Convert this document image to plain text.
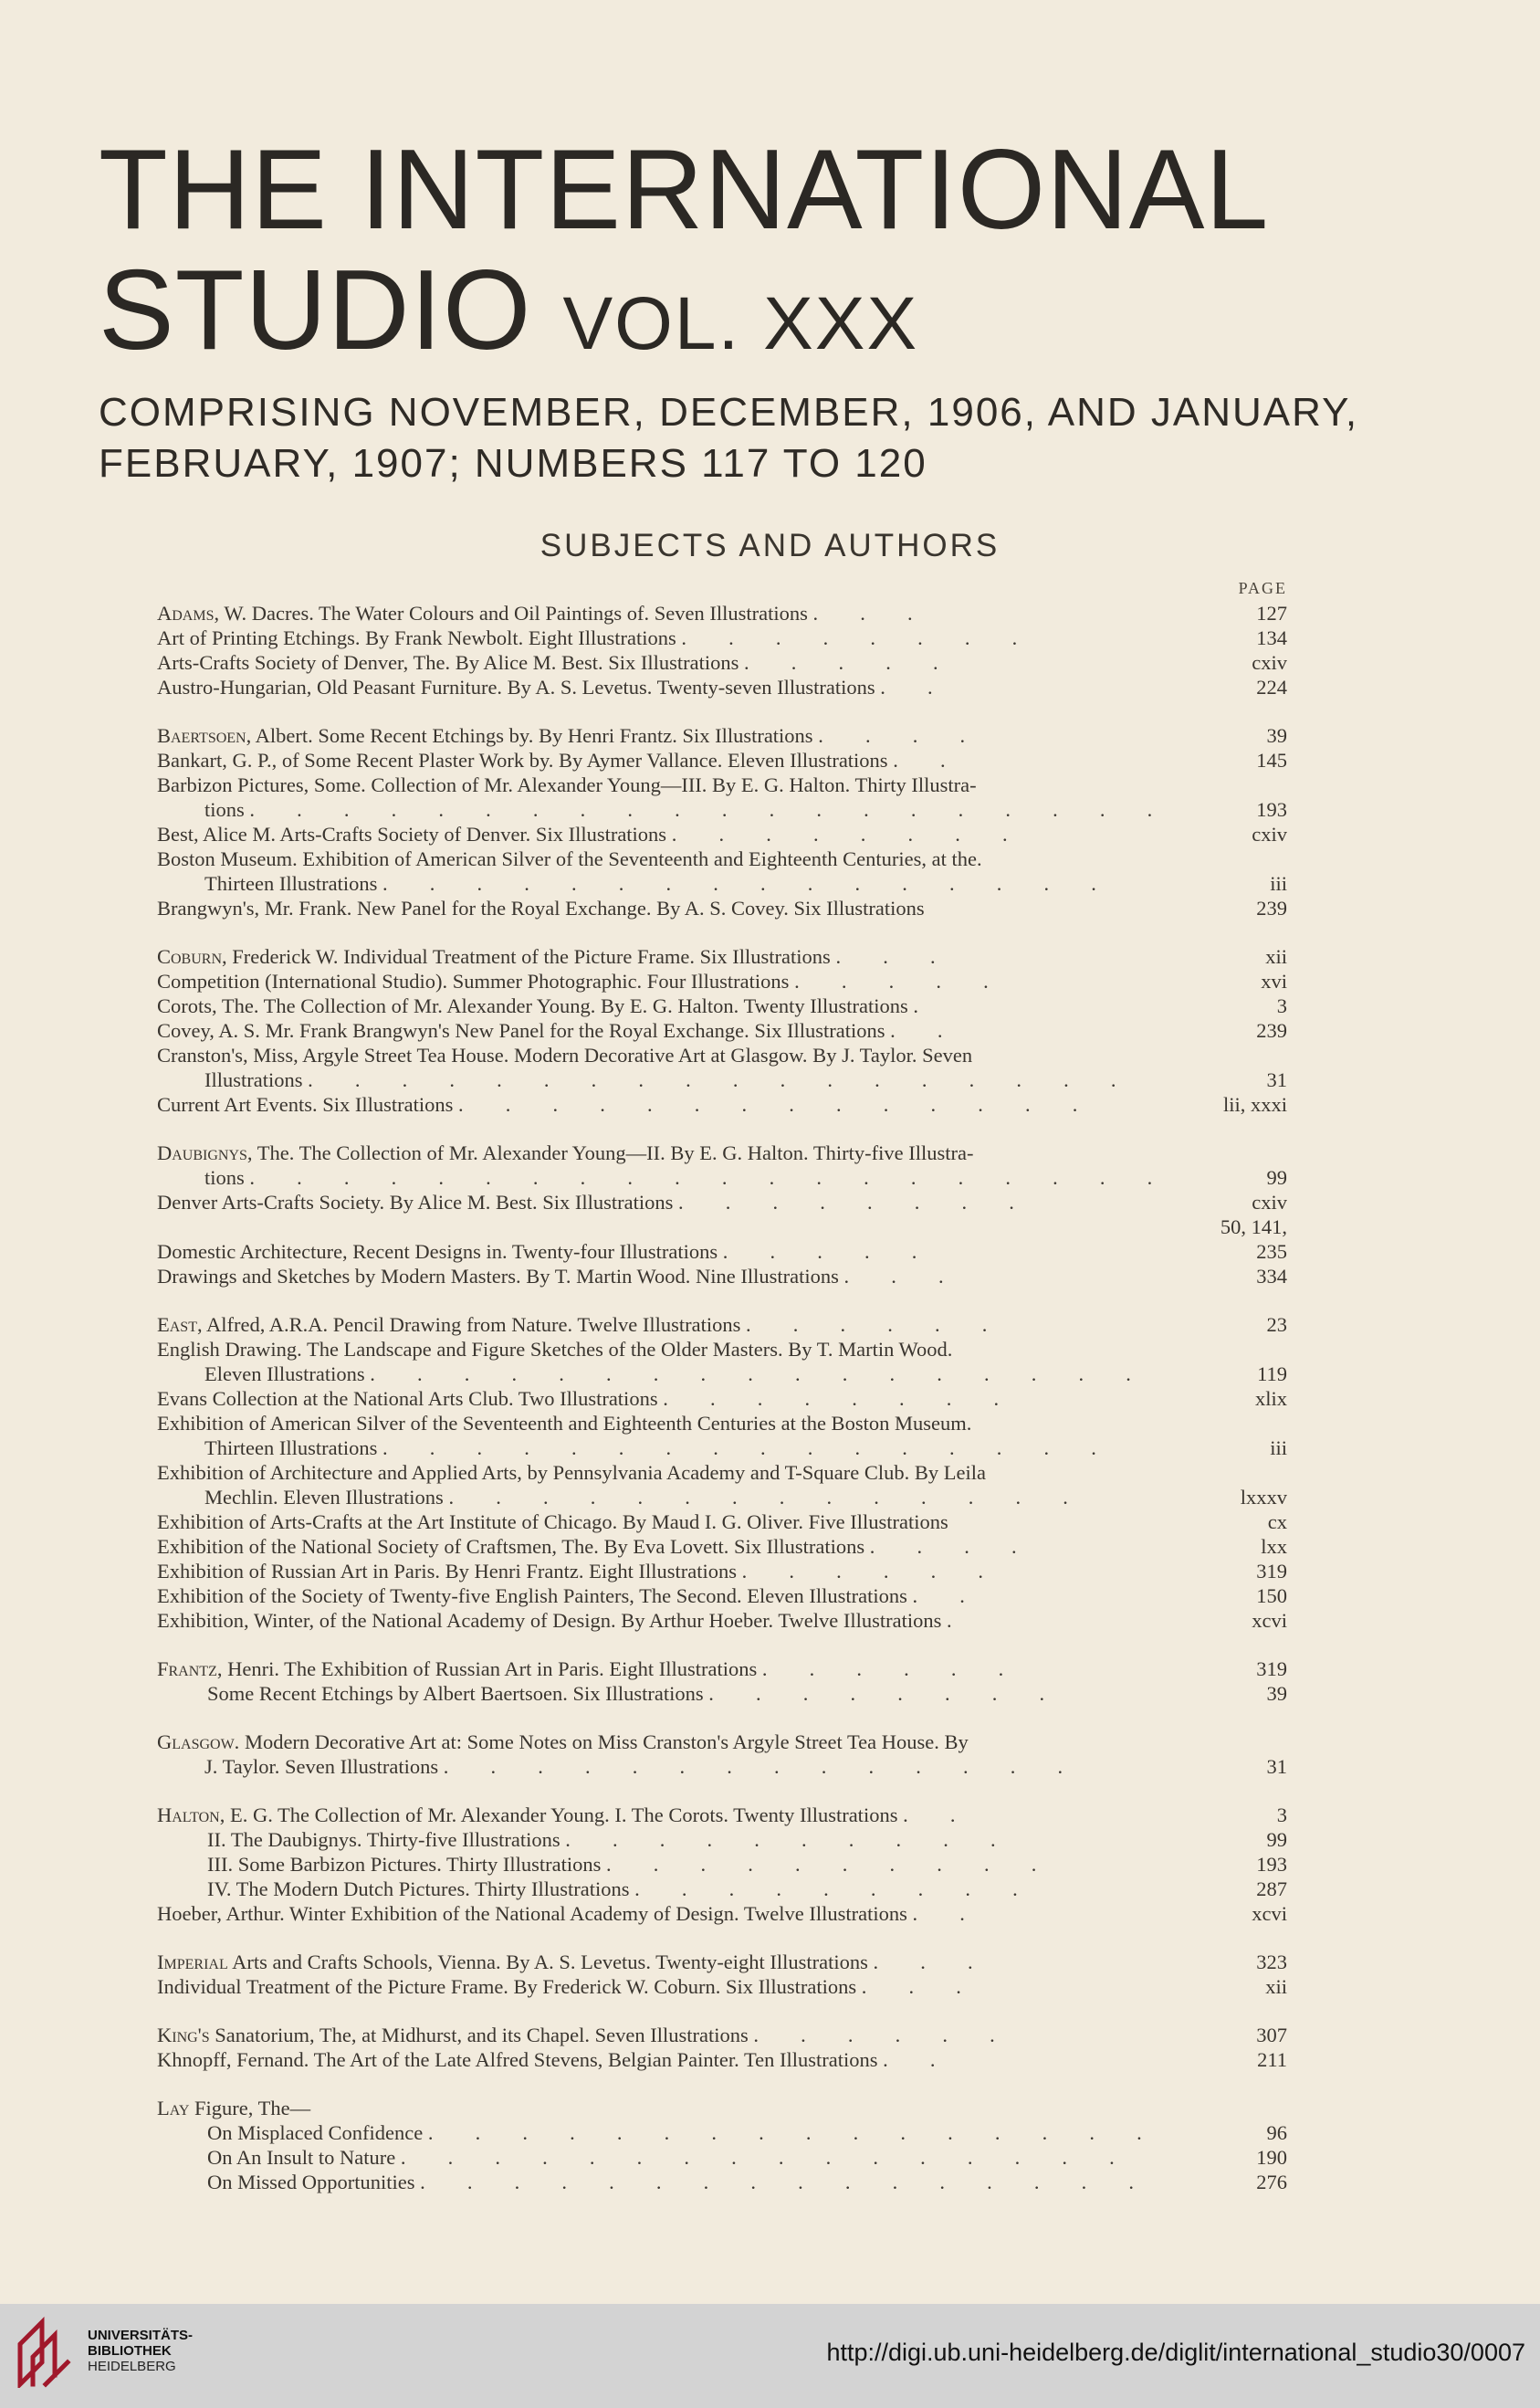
THE INTERNATIONAL
STUDIO VOL. XXX
COMPRISING NOVEMBER, DECEMBER, 1906, AND JANUARY,
FEBRUARY, 1907; NUMBERS 117 TO 120
SUBJECTS AND AUTHORS
PAGE
Adams, W. Dacres. The Water Colours and Oil Paintings of. Seven Illustrations . . .	127
Art of Printing Etchings. By Frank Newbolt. Eight Illustrations . . . . . . . .	134
Arts-Crafts Society of Denver, The. By Alice M. Best. Six Illustrations . . . . .	cxiv
Austro-Hungarian, Old Peasant Furniture. By A. S. Levetus. Twenty-seven Illustrations . .	224
Baertsoen, Albert. Some Recent Etchings by. By Henri Frantz. Six Illustrations . . . .	39
Bankart, G. P., of Some Recent Plaster Work by. By Aymer Vallance. Eleven Illustrations . .	145
Barbizon Pictures, Some. Collection of Mr. Alexander Young—III. By E. G. Halton. Thirty Illustra-
tions . . . . . . . . . . . . . . . . . . . .	193
Best, Alice M. Arts-Crafts Society of Denver. Six Illustrations . . . . . . . .	cxiv
Boston Museum. Exhibition of American Silver of the Seventeenth and Eighteenth Centuries, at the.
Thirteen Illustrations . . . . . . . . . . . . . . . .	iii
Brangwyn's, Mr. Frank. New Panel for the Royal Exchange. By A. S. Covey. Six Illustrations	239
Coburn, Frederick W. Individual Treatment of the Picture Frame. Six Illustrations . . .	xii
Competition (International Studio). Summer Photographic. Four Illustrations . . . . .	xvi
Corots, The. The Collection of Mr. Alexander Young. By E. G. Halton. Twenty Illustrations .	3
Covey, A. S. Mr. Frank Brangwyn's New Panel for the Royal Exchange. Six Illustrations . .	239
Cranston's, Miss, Argyle Street Tea House. Modern Decorative Art at Glasgow. By J. Taylor. Seven
Illustrations . . . . . . . . . . . . . . . . . .	31
Current Art Events. Six Illustrations . . . . . . . . . . . . . .	lii, xxxi
Daubignys, The. The Collection of Mr. Alexander Young—II. By E. G. Halton. Thirty-five Illustra-
tions . . . . . . . . . . . . . . . . . . . .	99
Denver Arts-Crafts Society. By Alice M. Best. Six Illustrations . . . . . . . .	cxiv
Domestic Architecture, Recent Designs in. Twenty-four Illustrations . . . . .
50, 141, 235
Drawings and Sketches by Modern Masters. By T. Martin Wood. Nine Illustrations . . .	334
East, Alfred, A.R.A. Pencil Drawing from Nature. Twelve Illustrations . . . . . .	23
English Drawing. The Landscape and Figure Sketches of the Older Masters. By T. Martin Wood.
Eleven Illustrations . . . . . . . . . . . . . . . . .	119
Evans Collection at the National Arts Club. Two Illustrations . . . . . . . .	xlix
Exhibition of American Silver of the Seventeenth and Eighteenth Centuries at the Boston Museum.
Thirteen Illustrations . . . . . . . . . . . . . . . .	iii
Exhibition of Architecture and Applied Arts, by Pennsylvania Academy and T-Square Club. By Leila
Mechlin. Eleven Illustrations . . . . . . . . . . . . . .	lxxxv
Exhibition of Arts-Crafts at the Art Institute of Chicago. By Maud I. G. Oliver. Five Illustrations	cx
Exhibition of the National Society of Craftsmen, The. By Eva Lovett. Six Illustrations . . . .	lxx
Exhibition of Russian Art in Paris. By Henri Frantz. Eight Illustrations . . . . . .	319
Exhibition of the Society of Twenty-five English Painters, The Second. Eleven Illustrations . .	150
Exhibition, Winter, of the National Academy of Design. By Arthur Hoeber. Twelve Illustrations .	xcvi
Frantz, Henri. The Exhibition of Russian Art in Paris. Eight Illustrations . . . . . .	319
Some Recent Etchings by Albert Baertsoen. Six Illustrations . . . . . . . .	39
Glasgow. Modern Decorative Art at: Some Notes on Miss Cranston's Argyle Street Tea House. By
J. Taylor. Seven Illustrations . . . . . . . . . . . . . .	31
Halton, E. G. The Collection of Mr. Alexander Young. I. The Corots. Twenty Illustrations . .	3
II. The Daubignys. Thirty-five Illustrations . . . . . . . . . .	99
III. Some Barbizon Pictures. Thirty Illustrations . . . . . . . . . .	193
IV. The Modern Dutch Pictures. Thirty Illustrations . . . . . . . . .	287
Hoeber, Arthur. Winter Exhibition of the National Academy of Design. Twelve Illustrations . .	xcvi
Imperial Arts and Crafts Schools, Vienna. By A. S. Levetus. Twenty-eight Illustrations . . .	323
Individual Treatment of the Picture Frame. By Frederick W. Coburn. Six Illustrations . . .	xii
King's Sanatorium, The, at Midhurst, and its Chapel. Seven Illustrations . . . . . .	307
Khnopff, Fernand. The Art of the Late Alfred Stevens, Belgian Painter. Ten Illustrations . .	211
Lay Figure, The—
On Misplaced Confidence . . . . . . . . . . . . . . . .	96
On An Insult to Nature . . . . . . . . . . . . . . . .	190
On Missed Opportunities . . . . . . . . . . . . . . . .	276
UNIVERSITÄTS-
BIBLIOTHEK
HEIDELBERG
http://digi.ub.uni-heidelberg.de/diglit/international_studio30/0007
